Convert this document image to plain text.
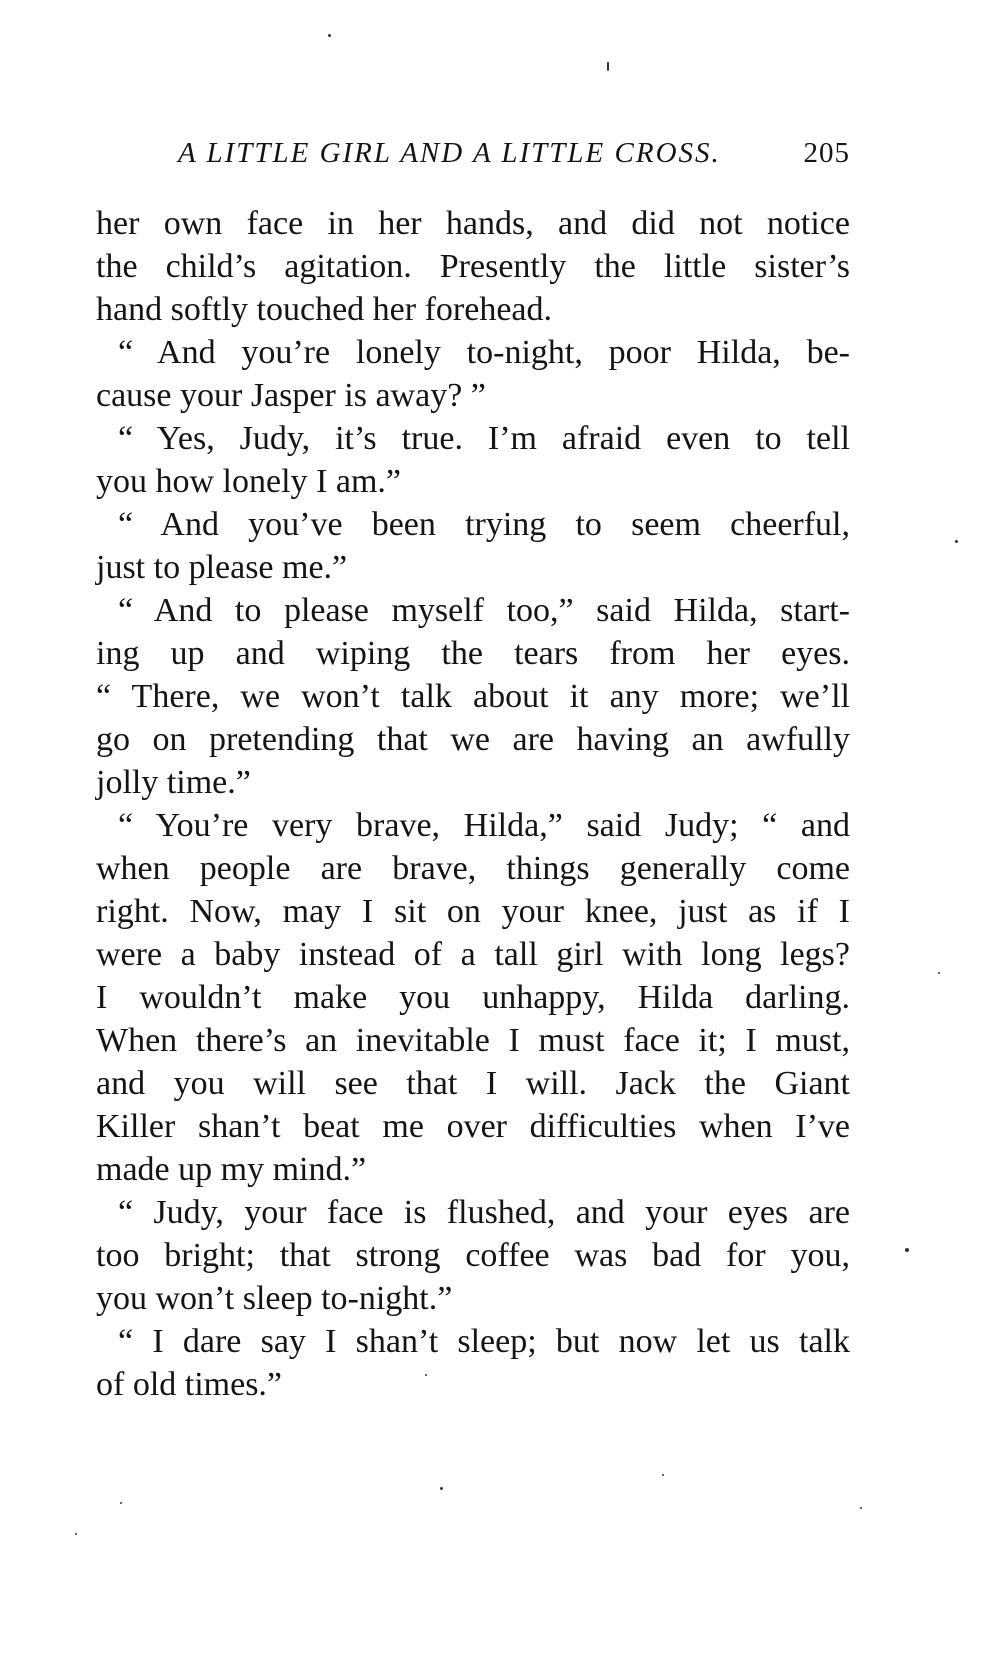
A LITTLE GIRL AND A LITTLE CROSS.	205
her own face in her hands, and did not notice
the child’s agitation. Presently the little sister’s
hand softly touched her forehead.
“ And you’re lonely to-night, poor Hilda, be-
cause your Jasper is away? ”
“ Yes, Judy, it’s true. I’m afraid even to tell
you how lonely I am.”
“ And you’ve been trying to seem cheerful,
just to please me.”
“ And to please myself too,” said Hilda, start-
ing up and wiping the tears from her eyes.
“ There, we won’t talk about it any more; we’ll
go on pretending that we are having an awfully
jolly time.”
“ You’re very brave, Hilda,” said Judy; “ and
when people are brave, things generally come
right. Now, may I sit on your knee, just as if I
were a baby instead of a tall girl with long legs?
I wouldn’t make you unhappy, Hilda darling.
When there’s an inevitable I must face it; I must,
and you will see that I will. Jack the Giant
Killer shan’t beat me over difficulties when I’ve
made up my mind.”
“ Judy, your face is flushed, and your eyes are
too bright; that strong coffee was bad for you,
you won’t sleep to-night.”
“ I dare say I shan’t sleep; but now let us talk
of old times.”
